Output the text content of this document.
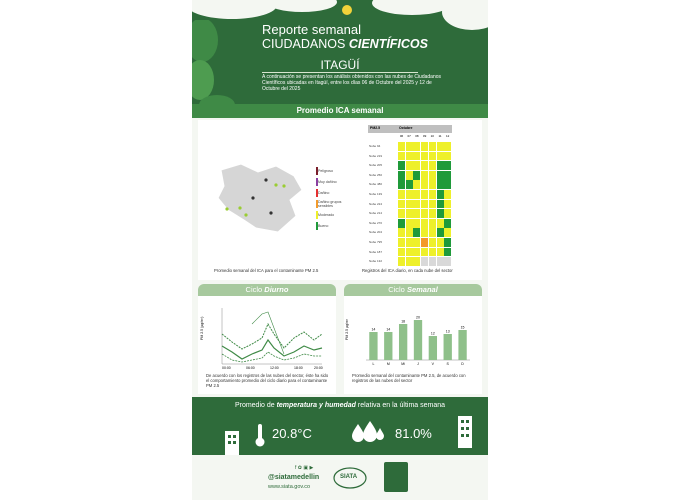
Reporte semanal
CIUDADANOS CIENTÍFICOS
ITAGÜÍ
A continuación se presentan los análisis obtenidos con las nubes de Ciudadanos Científicos ubicadas en Itagüí, entre los días 06 de Octubre del 2025 y 12 de Octubre del 2025
Promedio ICA semanal
Peligroso
Muy dañino
Dañino
Dañino grupos sensibles
Moderado
Bueno
Promedio semanal del ICA para el contaminante PM 2.5
PM2.5	Octubre
06	07	08	09	10	11	12
Nube 94
Nube 219
Nube 205
Nube 250
Nube 480
Nube 139
Nube 224
Nube 214
Nube 270
Nube 204
Nube 795
Nube 187
Nube 132
Registros del ICA diario, en cada nube del sector
Ciclo Diurno	Ciclo Semanal
PM 2.5 (µg/m³)
00:00	06:00	12:00	18:00	20:00
De acuerdo con los registros de las nubes del sector, éste ha sido el comportamiento promedio del ciclo diario para el contaminante PM 2.5
14
L
14
M
18
Mi
20
J
12
V
13
S
15
D
PM 2.5 µg/m³
Promedio semanal del contaminante PM 2.5, de acuerdo con registros de las nubes del sector
Promedio de temperatura y humedad relativa en la última semana
20.8°C	81.0%
f ✿ ▣ ▶
@siatamedellin
www.siata.gov.co
SIATA
